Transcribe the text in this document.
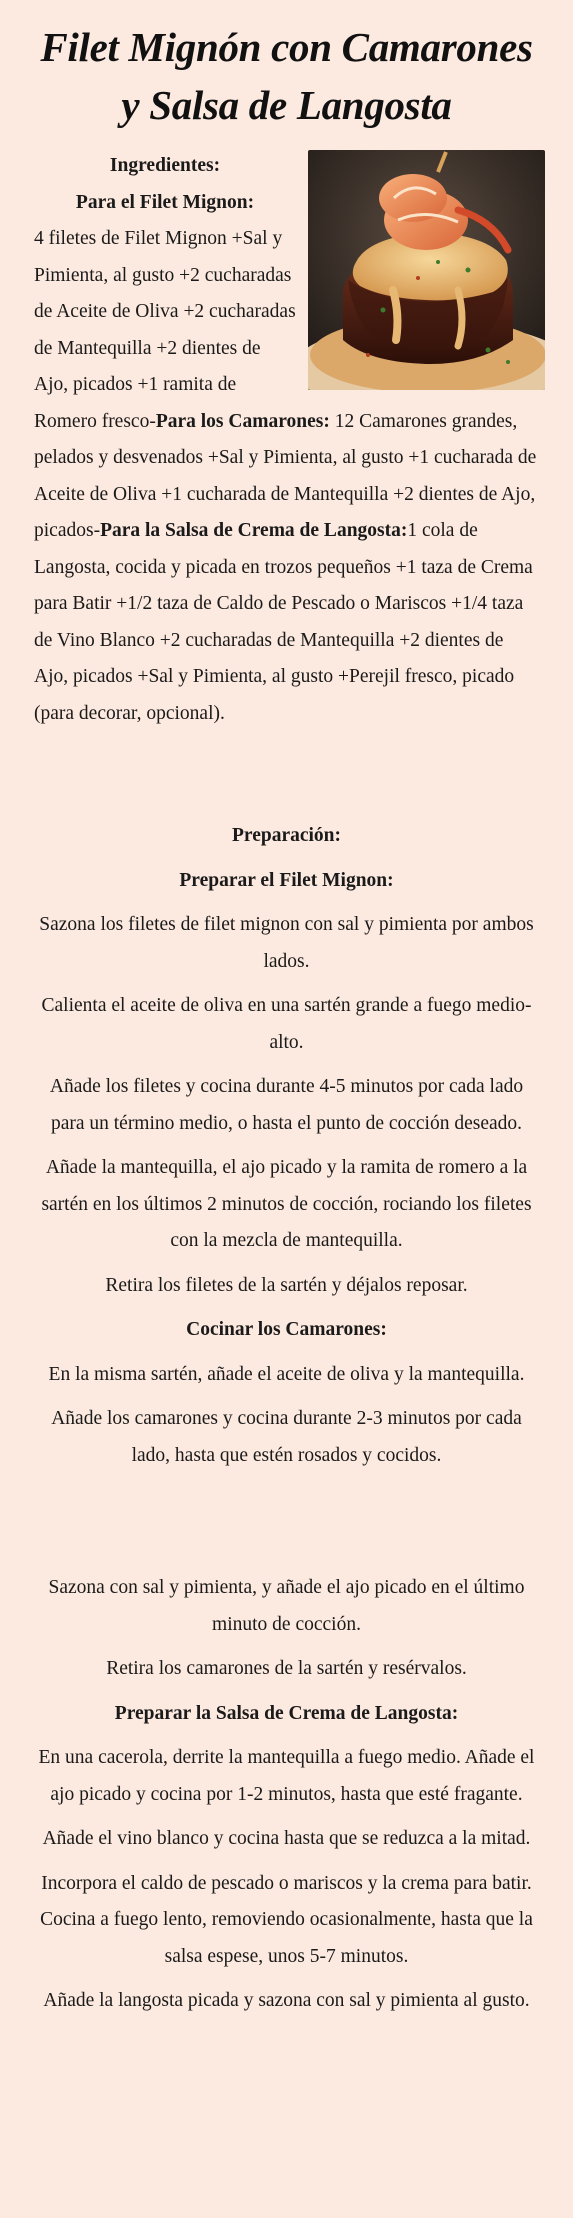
Filet Mignón con Camarones y Salsa de Langosta
Ingredientes:
Para el Filet Mignon:
4 filetes de Filet Mignon +Sal y Pimienta, al gusto +2 cucharadas de Aceite de Oliva +2 cucharadas de Mantequilla +2 dientes de Ajo, picados +1 ramita de Romero fresco-Para los Camarones: 12 Camarones grandes, pelados y desvenados +Sal y Pimienta, al gusto +1 cucharada de Aceite de Oliva +1 cucharada de Mantequilla +2 dientes de Ajo, picados-Para la Salsa de Crema de Langosta:1 cola de Langosta, cocida y picada en trozos pequeños +1 taza de Crema para Batir +1/2 taza de Caldo de Pescado o Mariscos +1/4 taza de Vino Blanco +2 cucharadas de Mantequilla +2 dientes de Ajo, picados +Sal y Pimienta, al gusto +Perejil fresco, picado (para decorar, opcional).
Preparación:
Preparar el Filet Mignon:

Sazona los filetes de filet mignon con sal y pimienta por ambos lados.

Calienta el aceite de oliva en una sartén grande a fuego medio-alto.

Añade los filetes y cocina durante 4-5 minutos por cada lado para un término medio, o hasta el punto de cocción deseado.

Añade la mantequilla, el ajo picado y la ramita de romero a la sartén en los últimos 2 minutos de cocción, rociando los filetes con la mezcla de mantequilla.

Retira los filetes de la sartén y déjalos reposar.

Cocinar los Camarones:

En la misma sartén, añade el aceite de oliva y la mantequilla.

Añade los camarones y cocina durante 2-3 minutos por cada lado, hasta que estén rosados y cocidos.

Sazona con sal y pimienta, y añade el ajo picado en el último minuto de cocción.

Retira los camarones de la sartén y resérvalos.

Preparar la Salsa de Crema de Langosta:

En una cacerola, derrite la mantequilla a fuego medio. Añade el ajo picado y cocina por 1-2 minutos, hasta que esté fragante.

Añade el vino blanco y cocina hasta que se reduzca a la mitad.

Incorpora el caldo de pescado o mariscos y la crema para batir. Cocina a fuego lento, removiendo ocasionalmente, hasta que la salsa espese, unos 5-7 minutos.

Añade la langosta picada y sazona con sal y pimienta al gusto.
